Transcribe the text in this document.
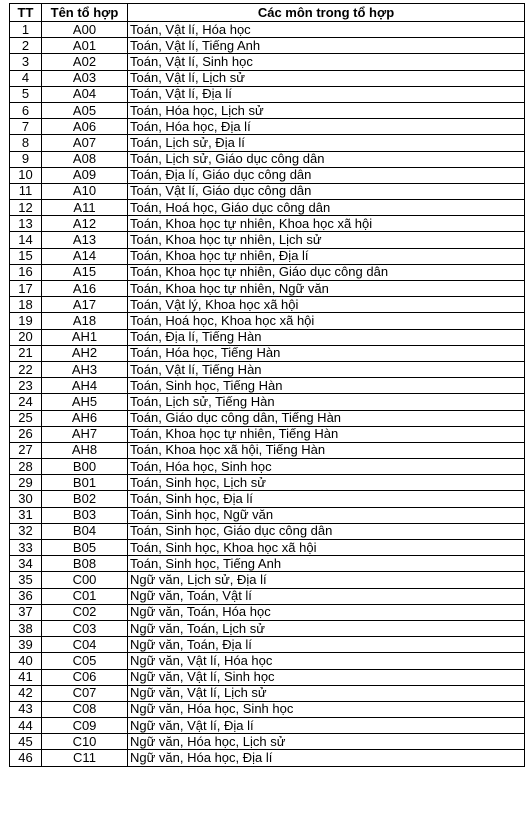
TT	Tên tổ hợp	Các môn trong tổ hợp
1	A00	Toán, Vật lí, Hóa học
2	A01	Toán, Vật lí, Tiếng Anh
3	A02	Toán, Vật lí, Sinh học
4	A03	Toán, Vật lí, Lịch sử
5	A04	Toán, Vật lí, Địa lí
6	A05	Toán, Hóa học, Lịch sử
7	A06	Toán, Hóa học, Địa lí
8	A07	Toán, Lịch sử, Địa lí
9	A08	Toán, Lịch sử, Giáo dục công dân
10	A09	Toán, Địa lí, Giáo dục công dân
11	A10	Toán, Vật lí, Giáo dục công dân
12	A11	Toán, Hoá học, Giáo dục công dân
13	A12	Toán, Khoa học tự nhiên, Khoa học xã hội
14	A13	Toán, Khoa học tự nhiên, Lịch sử
15	A14	Toán, Khoa học tự nhiên, Địa lí
16	A15	Toán, Khoa học tự nhiên, Giáo dục công dân
17	A16	Toán, Khoa học tự nhiên, Ngữ văn
18	A17	Toán, Vật lý, Khoa học xã hội
19	A18	Toán, Hoá học, Khoa học xã hội
20	AH1	Toán, Địa lí, Tiếng Hàn
21	AH2	Toán, Hóa học, Tiếng Hàn
22	AH3	Toán, Vật lí, Tiếng Hàn
23	AH4	Toán, Sinh học, Tiếng Hàn
24	AH5	Toán, Lịch sử, Tiếng Hàn
25	AH6	Toán, Giáo dục công dân, Tiếng Hàn
26	AH7	Toán, Khoa học tự nhiên, Tiếng Hàn
27	AH8	Toán, Khoa học xã hội, Tiếng Hàn
28	B00	Toán, Hóa học, Sinh học
29	B01	Toán, Sinh học, Lịch sử
30	B02	Toán, Sinh học, Địa lí
31	B03	Toán, Sinh học, Ngữ văn
32	B04	Toán, Sinh học, Giáo dục công dân
33	B05	Toán, Sinh học, Khoa học xã hội
34	B08	Toán, Sinh học, Tiếng Anh
35	C00	Ngữ văn, Lịch sử, Địa lí
36	C01	Ngữ văn, Toán, Vật lí
37	C02	Ngữ văn, Toán, Hóa học
38	C03	Ngữ văn, Toán, Lịch sử
39	C04	Ngữ văn, Toán, Địa lí
40	C05	Ngữ văn, Vật lí, Hóa học
41	C06	Ngữ văn, Vật lí, Sinh học
42	C07	Ngữ văn, Vật lí, Lịch sử
43	C08	Ngữ văn, Hóa học, Sinh học
44	C09	Ngữ văn, Vật lí, Địa lí
45	C10	Ngữ văn, Hóa học, Lịch sử
46	C11	Ngữ văn, Hóa học, Địa lí
